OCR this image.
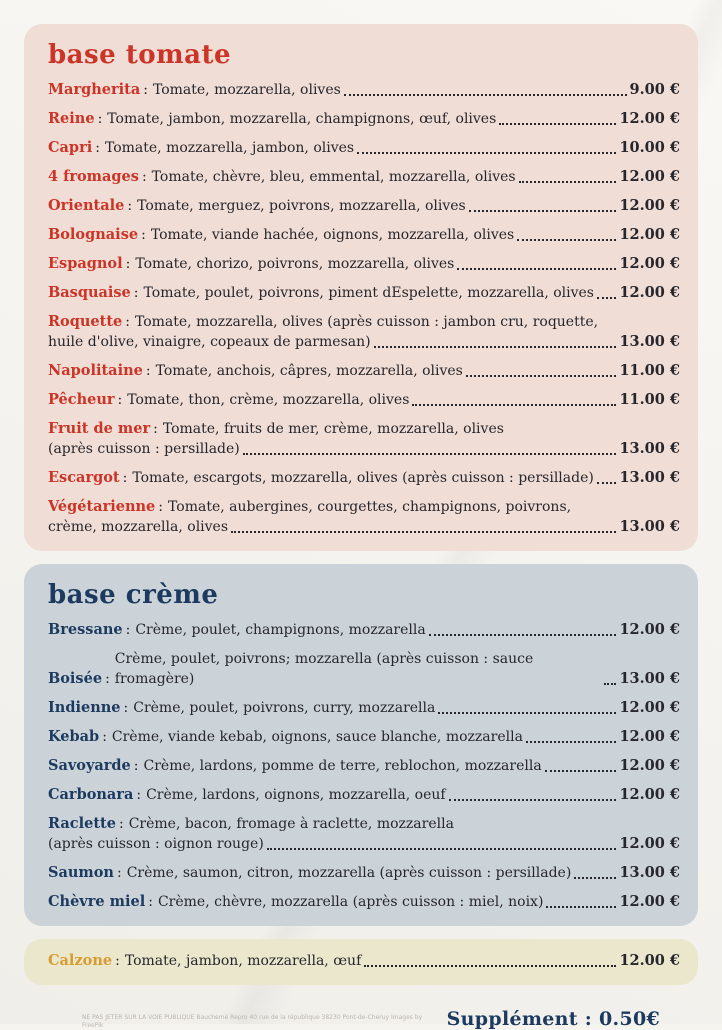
base tomate
Margherita : Tomate, mozzarella, olives	9.00 €
Reine : Tomate, jambon, mozzarella, champignons, œuf, olives	12.00 €
Capri : Tomate, mozzarella, jambon, olives	10.00 €
4 fromages : Tomate, chèvre, bleu, emmental, mozzarella, olives	12.00 €
Orientale : Tomate, merguez, poivrons, mozzarella, olives	12.00 €
Bolognaise : Tomate, viande hachée, oignons, mozzarella, olives	12.00 €
Espagnol : Tomate, chorizo, poivrons, mozzarella, olives	12.00 €
Basquaise : Tomate, poulet, poivrons, piment dEspelette, mozzarella, olives 12.00 €
Roquette : Tomate, mozzarella, olives (après cuisson : jambon cru, roquette,
huile d'olive, vinaigre, copeaux de parmesan)	13.00 €
Napolitaine : Tomate, anchois, câpres, mozzarella, olives	11.00 €
Pêcheur : Tomate, thon, crème, mozzarella, olives	11.00 €
Fruit de mer : Tomate, fruits de mer, crème, mozzarella, olives
(après cuisson : persillade)	13.00 €
Escargot : Tomate, escargots, mozzarella, olives (après cuisson : persillade) 13.00 €
Végétarienne : Tomate, aubergines, courgettes, champignons, poivrons,
crème, mozzarella, olives	13.00 €
base crème
Bressane : Crème, poulet, champignons, mozzarella	12.00 €
Boisée :
Crème, poulet, poivrons; mozzarella (après cuisson : sauce fromagère)	13.00 €
Indienne : Crème, poulet, poivrons, curry, mozzarella	12.00 €
Kebab : Crème, viande kebab, oignons, sauce blanche, mozzarella	12.00 €
Savoyarde : Crème, lardons, pomme de terre, reblochon, mozzarella	12.00 €
Carbonara : Crème, lardons, oignons, mozzarella, oeuf	12.00 €
Raclette : Crème, bacon, fromage à raclette, mozzarella
(après cuisson : oignon rouge)	12.00 €
Saumon : Crème, saumon, citron, mozzarella (après cuisson : persillade)	13.00 €
Chèvre miel : Crème, chèvre, mozzarella (après cuisson : miel, noix)	12.00 €
Calzone : Tomate, jambon, mozzarella, œuf	12.00 €
NE PAS JETER SUR LA VOIE PUBLIQUE Bauchemé Repro 40 rue de la république 38230 Pont-de-Cheruy Images by FreePik	Supplément : 0.50€
